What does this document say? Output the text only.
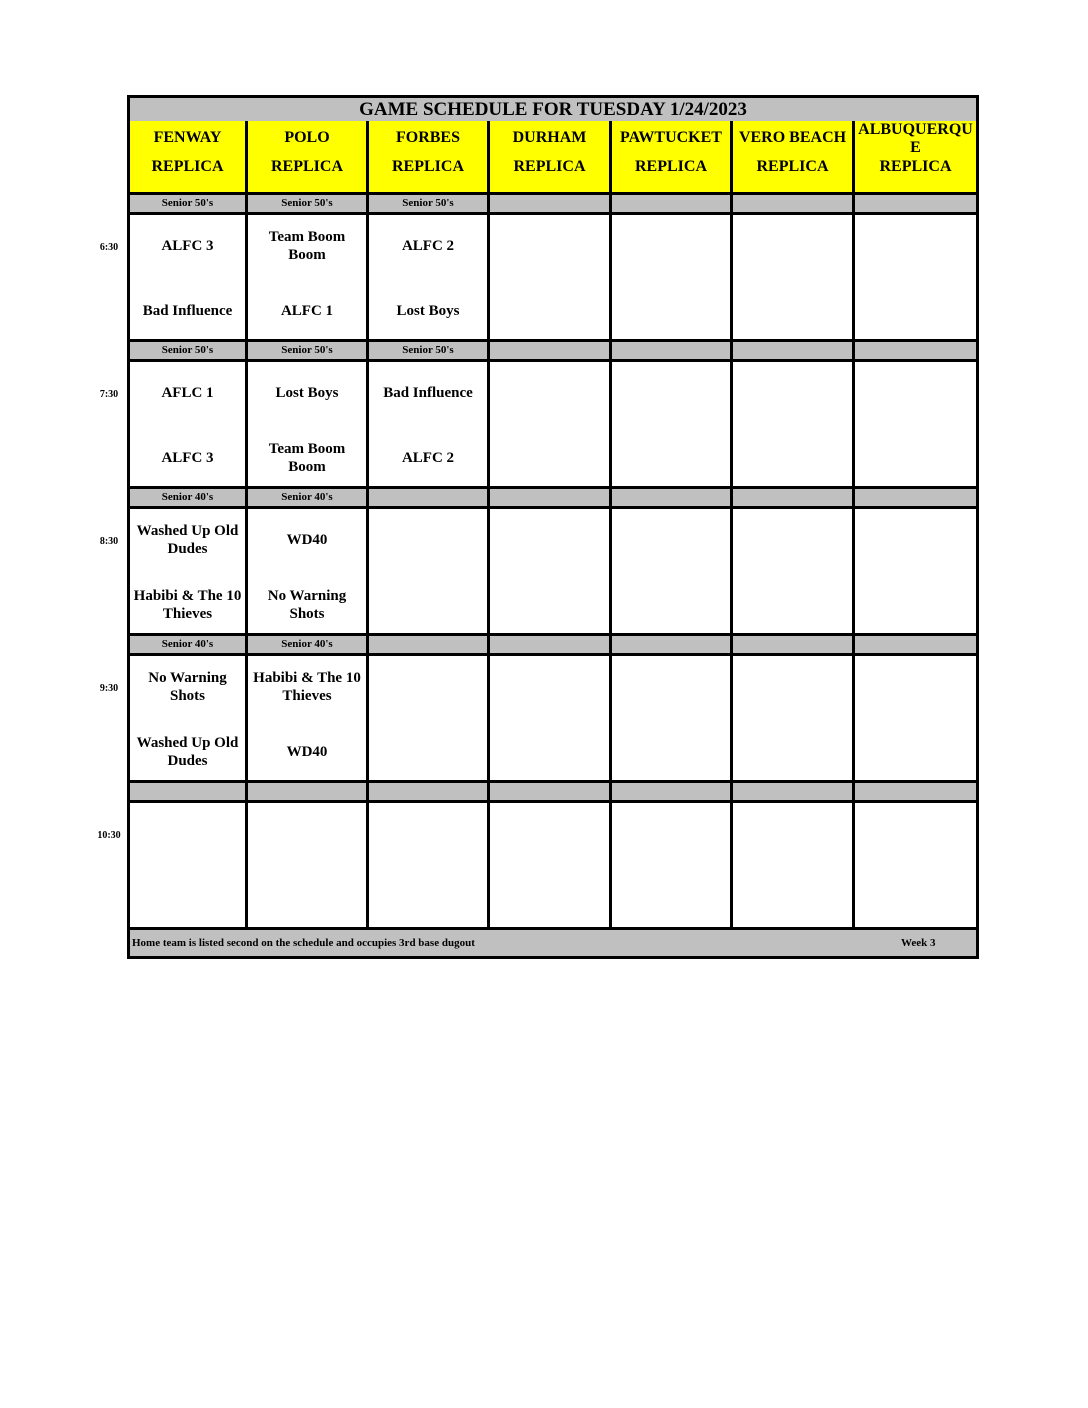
GAME SCHEDULE FOR TUESDAY 1/24/2023
FENWAY
REPLICA
POLO
REPLICA
FORBES
REPLICA
DURHAM
REPLICA
PAWTUCKET
REPLICA
VERO BEACH
REPLICA
ALBUQUERQU E
REPLICA
Senior 50's
ALFC 3
Bad Influence
Senior 50's
Team Boom Boom
ALFC 1
Senior 50's
ALFC 2
Lost Boys
Senior 50's
AFLC 1
ALFC 3
Senior 50's
Lost Boys
Team Boom Boom
Senior 50's
Bad Influence
ALFC 2
Senior 40's
Washed Up Old Dudes
Habibi & The 10 Thieves
Senior 40's
WD40
No Warning Shots
Senior 40's
No Warning Shots
Washed Up Old Dudes
Senior 40's
Habibi & The 10 Thieves
WD40
Home team is listed second on the schedule and occupies 3rd base dugout	Week 3
6:30
7:30
8:30
9:30
10:30
